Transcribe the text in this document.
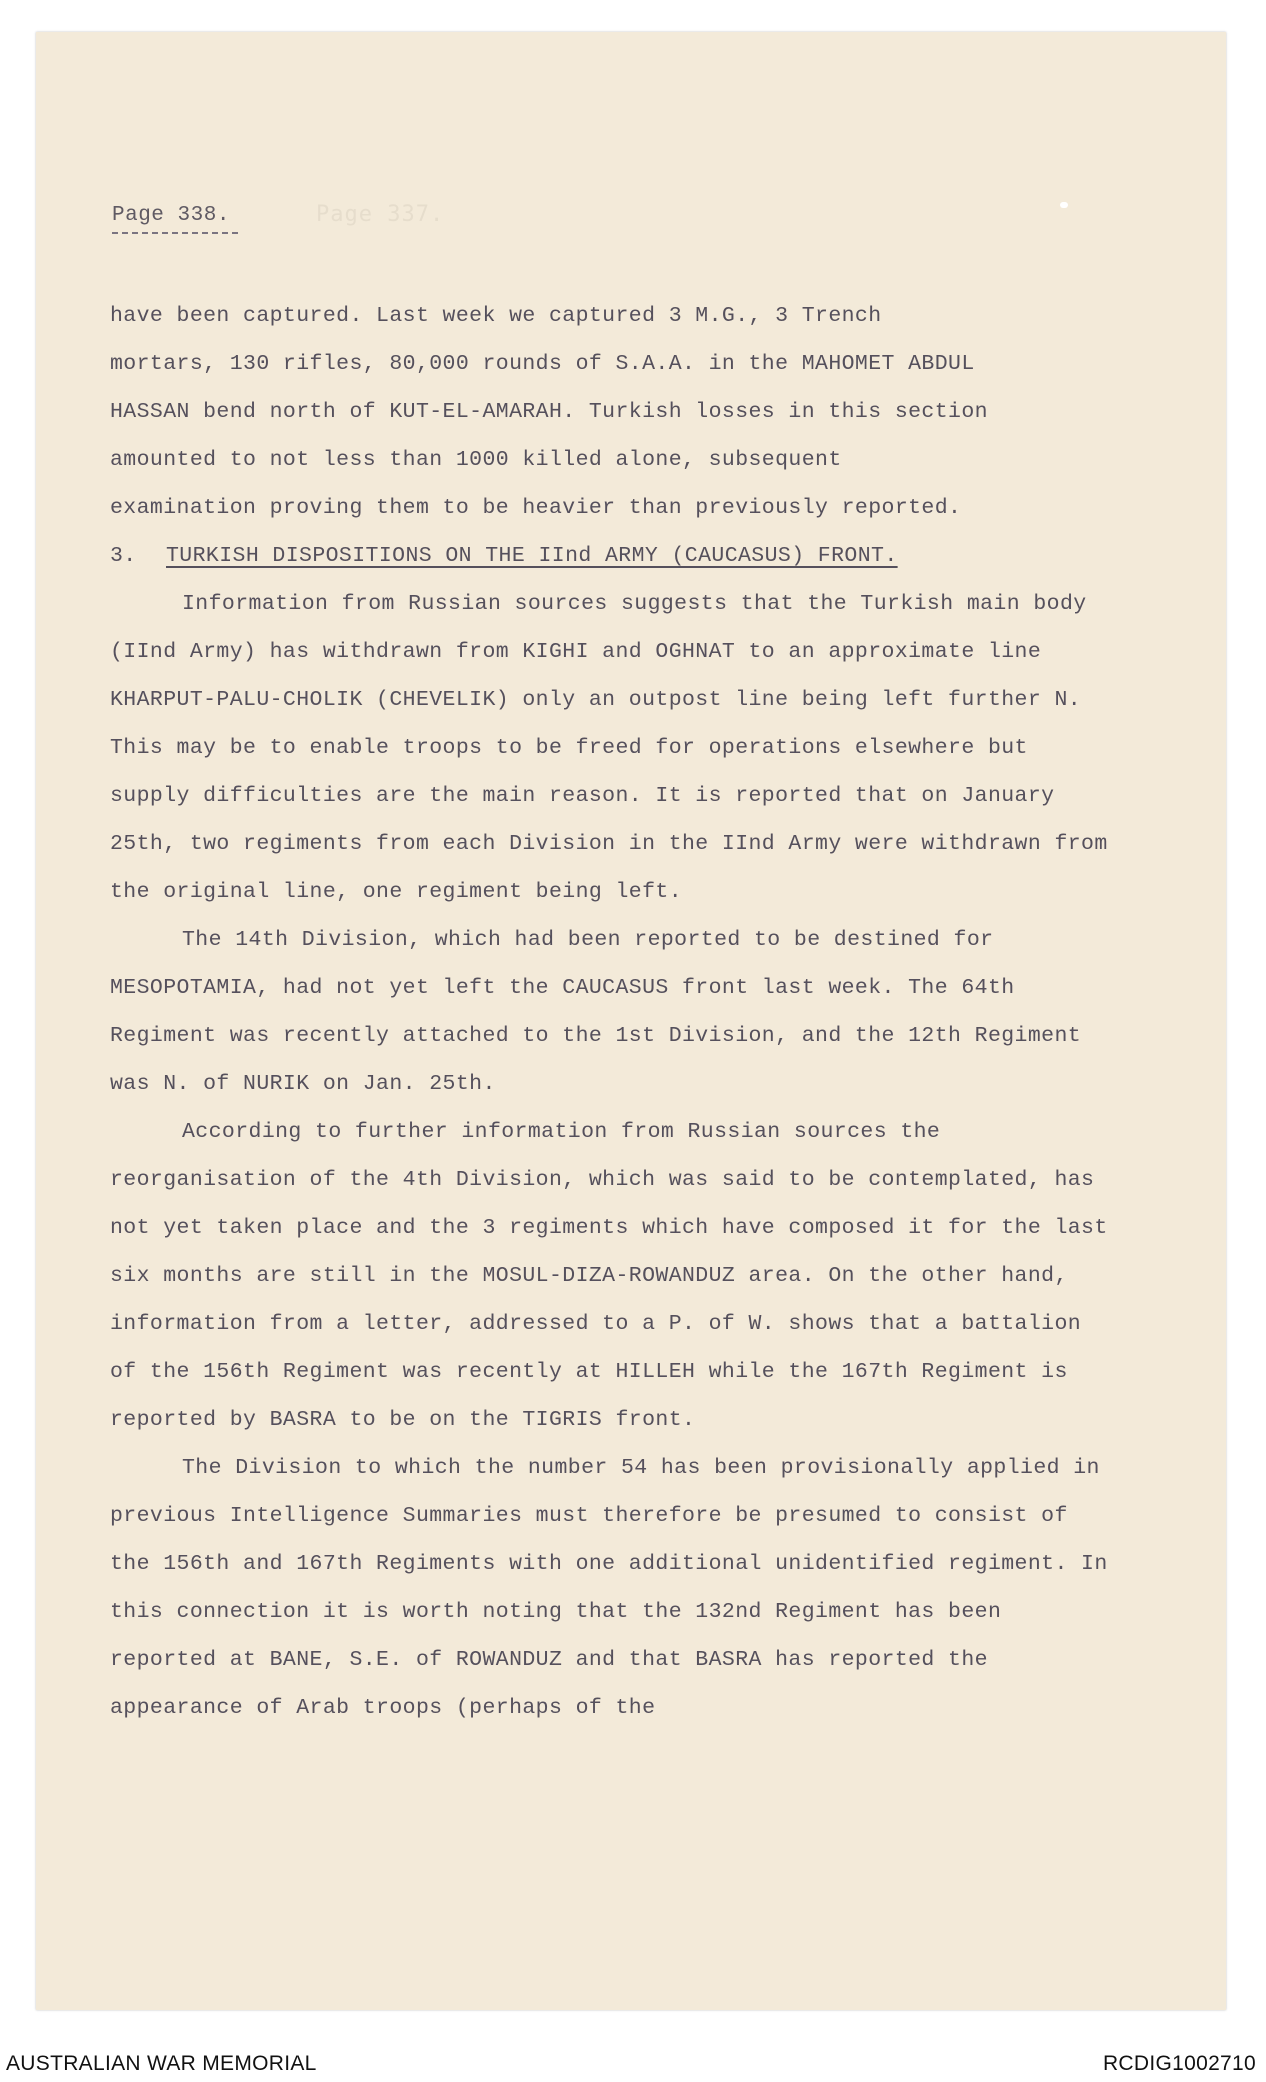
Page 337.
Page 338.

have been captured. Last week we captured 3 M.G., 3 Trench

mortars, 130 rifles, 80,000 rounds of S.A.A. in the MAHOMET ABDUL

HASSAN bend north of KUT-EL-AMARAH. Turkish losses in this section

amounted to not less than 1000 killed alone, subsequent

examination proving them to be heavier than previously reported.

3. TURKISH DISPOSITIONS ON THE IInd ARMY (CAUCASUS) FRONT.

Information from Russian sources suggests that the Turkish main body (IInd Army) has withdrawn from KIGHI and OGHNAT to an approximate line KHARPUT-PALU-CHOLIK (CHEVELIK) only an outpost line being left further N. This may be to enable troops to be freed for operations elsewhere but supply difficulties are the main reason. It is reported that on January 25th, two regiments from each Division in the IInd Army were withdrawn from the original line, one regiment being left.

The 14th Division, which had been reported to be destined for MESOPOTAMIA, had not yet left the CAUCASUS front last week. The 64th Regiment was recently attached to the 1st Division, and the 12th Regiment was N. of NURIK on Jan. 25th.

According to further information from Russian sources the reorganisation of the 4th Division, which was said to be contemplated, has not yet taken place and the 3 regiments which have composed it for the last six months are still in the MOSUL-DIZA-ROWANDUZ area. On the other hand, information from a letter, addressed to a P. of W. shows that a battalion of the 156th Regiment was recently at HILLEH while the 167th Regiment is reported by BASRA to be on the TIGRIS front.

The Division to which the number 54 has been provisionally applied in previous Intelligence Summaries must therefore be presumed to consist of the 156th and 167th Regiments with one additional unidentified regiment. In this connection it is worth noting that the 132nd Regiment has been reported at BANE, S.E. of ROWANDUZ and that BASRA has reported the appearance of Arab troops (perhaps of the

AUSTRALIAN WAR MEMORIAL	RCDIG1002710
